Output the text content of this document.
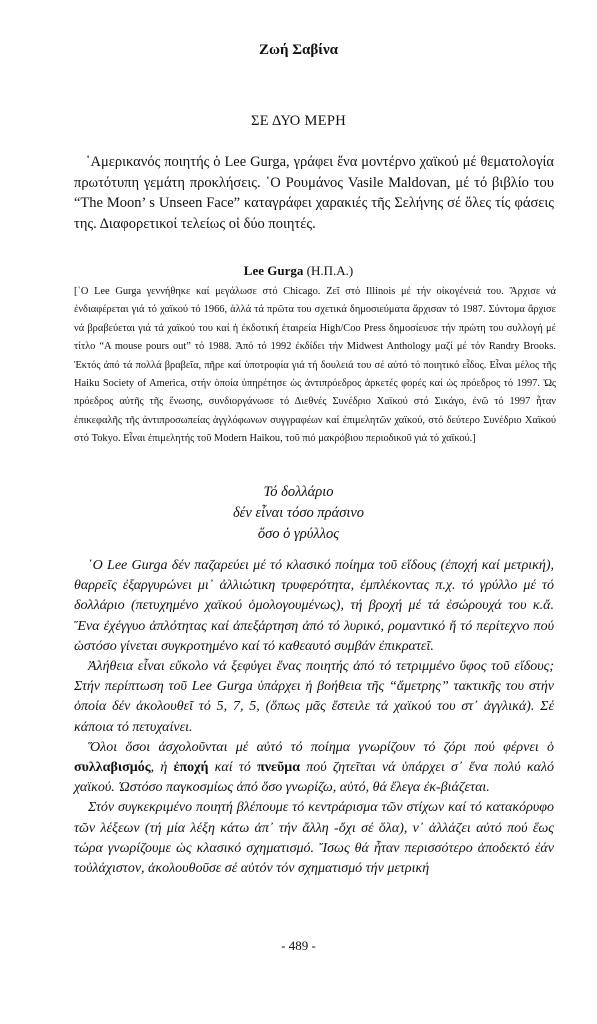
Ζωή Σαβίνα
ΣΕ ΔΥΟ ΜΕΡΗ

῾Αμερικανός ποιητής ὁ Lee Gurga, γράφει ἕνα μοντέρνο χαϊκού μέ θεματολογία πρωτότυπη γεμάτη προκλήσεις. ῾Ο Ρουμάνος Vasile Maldovan, μέ τό βιβλίο του “The Moon’ s Unseen Face” καταγράφει χαρακιές τῆς Σελήνης σέ ὅλες τίς φάσεις της. Διαφορετικοί τελείως οἱ δύο ποιητές.

Lee Gurga (Η.Π.Α.)

[῾Ο Lee Gurga γεννήθηκε καί μεγάλωσε στό Chicago. Ζεῖ στό Illinois μέ τήν οἰκογένειά του. Ἄρχισε νά ἐνδιαφέρεται γιά τό χαϊκού τό 1966, ἀλλά τά πρῶτα του σχετικά δημοσιεύματα ἄρχισαν τό 1987. Σύντομα ἄρχισε νά βραβεύεται γιά τά χαϊκού του καί ἡ ἐκδοτική ἑταιρεία High/Coo Press δημοσίευσε τήν πρώτη του συλλογή μέ τίτλο “A mouse pours out” τό 1988. Ἀπό τό 1992 ἐκδίδει τήν Midwest Anthology μαζί μέ τόν Randry Brooks. Ἐκτός ἀπό τά πολλά βραβεῖα, πῆρε καί ὑποτροφία γιά τή δουλειά του σέ αὐτό τό ποιητικό εἶδος. Εἶναι μέλος τῆς Haiku Society of America, στήν ὁποία ὑπηρέτησε ὡς ἀντιπρόεδρος ἀρκετές φορές καί ὡς πρόεδρος τό 1997. Ὡς πρόεδρος αὐτῆς τῆς ἕνωσης, συνδιοργάνωσε τό Διεθνές Συνέδριο Χαϊκού στό Σικάγο, ἐνῶ τό 1997 ἦταν ἐπικεφαλῆς τῆς ἀντιπροσωπείας ἀγγλόφωνων συγγραφέων καί ἐπιμελητῶν χαϊκού, στό δεύτερο Συνέδριο Χαϊκού στό Tokyo. Εἶναι ἐπιμελητής τοῦ Modern Haikou, τοῦ πιό μακρόβιου περιοδικοῦ γιά τό χαϊκού.]

Τό δολλάριο
δέν εἶναι τόσο πράσινο
ὅσο ὁ γρύλλος

῾Ο Lee Gurga δέν παζαρεύει μέ τό κλασικό ποίημα τοῦ εἴδους (ἐποχή καί μετρική), θαρρεῖς ἐξαργυρώνει μι᾿ ἀλλιώτικη τρυφερότητα, ἐμπλέκοντας π.χ. τό γρύλλο μέ τό δολλάριο (πετυχημένο χαϊκού ὁμολογουμένως), τή βροχή μέ τά ἐσώρουχά του κ.ἄ. Ἕνα ἐχέγγυο ἁπλότητας καί ἀπεξάρτηση ἀπό τό λυρικό, ρομαντικό ἤ τό περίτεχνο πού ὡστόσο γίνεται συγκροτημένο καί τό καθεαυτό συμβάν ἐπικρατεῖ.

Ἀλήθεια εἶναι εὔκολο νά ξεφύγει ἕνας ποιητής ἀπό τό τετριμμένο ὕφος τοῦ εἴδους; Στήν περίπτωση τοῦ Lee Gurga ὑπάρχει ἡ βοήθεια τῆς “ἄμετρης” τακτικῆς του στήν ὁποία δέν ἀκολουθεῖ τό 5, 7, 5, (ὅπως μᾶς ἔστειλε τά χαϊκού του στ᾿ ἀγγλικά). Σέ κάποια τό πετυχαίνει.

Ὅλοι ὅσοι ἀσχολοῦνται μέ αὐτό τό ποίημα γνωρίζουν τό ζόρι πού φέρνει ὁ συλλαβισμός, ἡ ἐποχή καί τό πνεῦμα πού ζητεῖται νά ὑπάρχει σ᾿ ἕνα πολύ καλό χαϊκού. Ὡστόσο παγκοσμίως ἀπό ὅσο γνωρίζω, αὐτό, θά ἔλεγα ἐκ-βιάζεται.

Στόν συγκεκριμένο ποιητή βλέπουμε τό κεντράρισμα τῶν στίχων καί τό κατακόρυφο τῶν λέξεων (τή μία λέξη κάτω ἀπ᾿ τήν ἄλλη -ὄχι σέ ὅλα), ν᾿ ἀλλάζει αὐτό πού ἕως τώρα γνωρίζουμε ὡς κλασικό σχηματισμό. Ἴσως θά ἦταν περισσότερο ἀποδεκτό ἐάν τοὐλάχιστον, ἀκολουθοῦσε σέ αὐτόν τόν σχηματισμό τήν μετρική

- 489 -
